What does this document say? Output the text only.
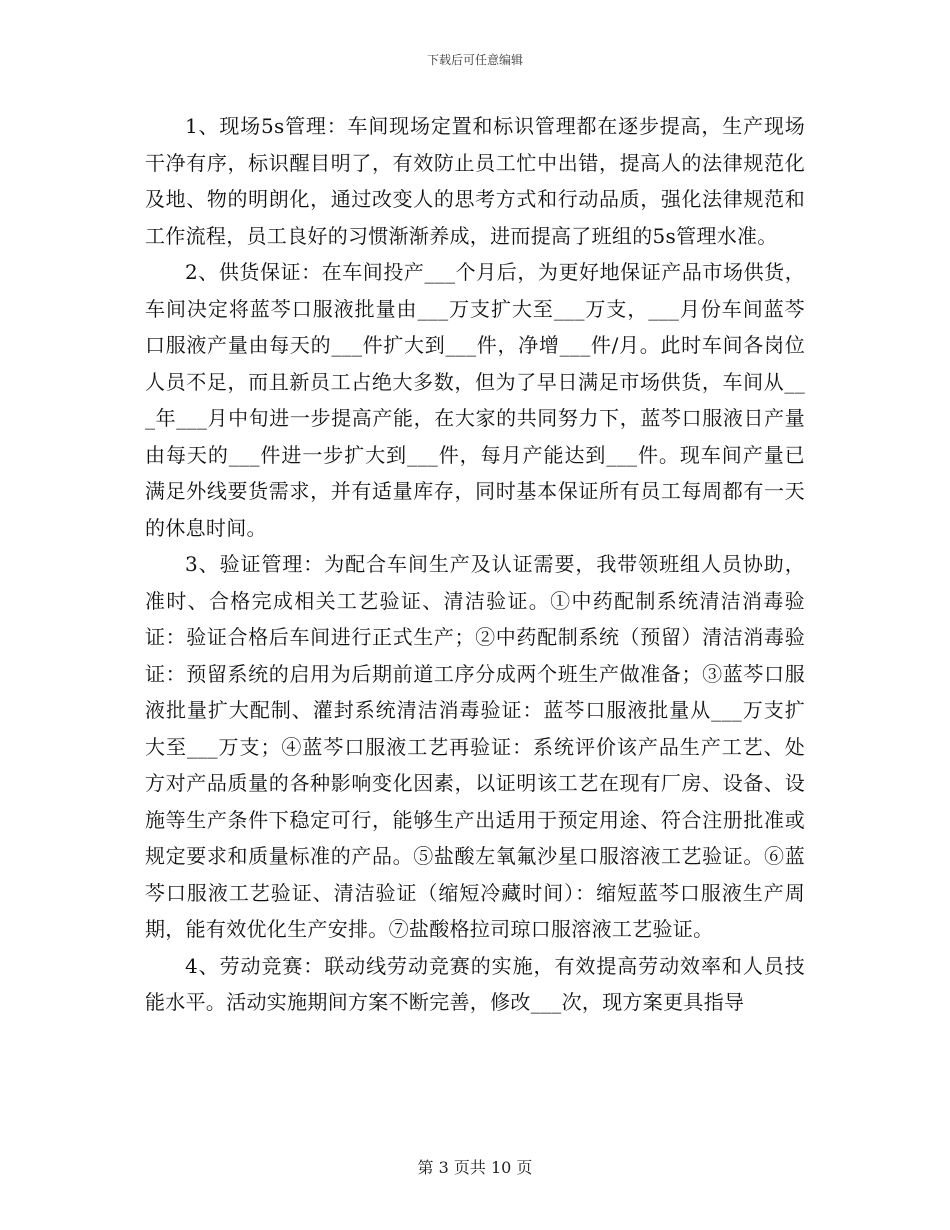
下载后可任意编辑

1、现场5s管理：车间现场定置和标识管理都在逐步提高，生产现场干净有序，标识醒目明了，有效防止员工忙中出错，提高人的法律规范化及地、物的明朗化，通过改变人的思考方式和行动品质，强化法律规范和工作流程，员工良好的习惯渐渐养成，进而提高了班组的5s管理水准。

2、供货保证：在车间投产___个月后，为更好地保证产品市场供货，车间决定将蓝芩口服液批量由___万支扩大至___万支，___月份车间蓝芩口服液产量由每天的___件扩大到___件，净增___件/月。此时车间各岗位人员不足，而且新员工占绝大多数，但为了早日满足市场供货，车间从___年___月中旬进一步提高产能，在大家的共同努力下，蓝芩口服液日产量由每天的___件进一步扩大到___件，每月产能达到___件。现车间产量已满足外线要货需求，并有适量库存，同时基本保证所有员工每周都有一天的休息时间。

3、验证管理：为配合车间生产及认证需要，我带领班组人员协助，准时、合格完成相关工艺验证、清洁验证。①中药配制系统清洁消毒验证：验证合格后车间进行正式生产；②中药配制系统（预留）清洁消毒验证：预留系统的启用为后期前道工序分成两个班生产做准备；③蓝芩口服液批量扩大配制、灌封系统清洁消毒验证：蓝芩口服液批量从___万支扩大至___万支；④蓝芩口服液工艺再验证：系统评价该产品生产工艺、处方对产品质量的各种影响变化因素，以证明该工艺在现有厂房、设备、设施等生产条件下稳定可行，能够生产出适用于预定用途、符合注册批准或规定要求和质量标准的产品。⑤盐酸左氧氟沙星口服溶液工艺验证。⑥蓝芩口服液工艺验证、清洁验证（缩短冷藏时间）：缩短蓝芩口服液生产周期，能有效优化生产安排。⑦盐酸格拉司琼口服溶液工艺验证。

4、劳动竞赛：联动线劳动竞赛的实施，有效提高劳动效率和人员技能水平。活动实施期间方案不断完善，修改___次，现方案更具指导

第 3 页共 10 页
